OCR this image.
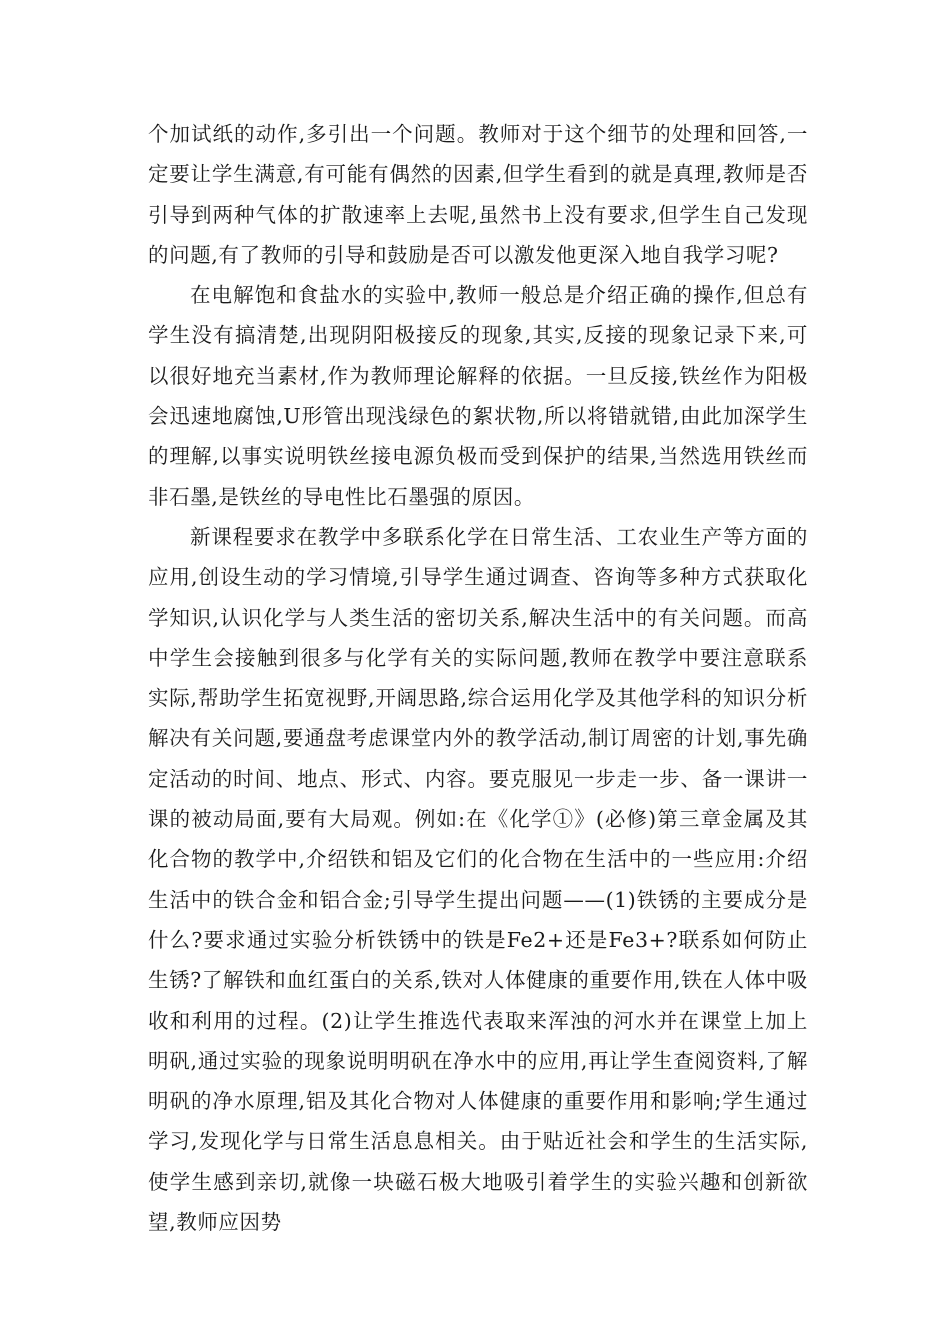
个加试纸的动作,多引出一个问题。教师对于这个细节的处理和回答,一定要让学生满意,有可能有偶然的因素,但学生看到的就是真理,教师是否引导到两种气体的扩散速率上去呢,虽然书上没有要求,但学生自己发现的问题,有了教师的引导和鼓励是否可以激发他更深入地自我学习呢?

在电解饱和食盐水的实验中,教师一般总是介绍正确的操作,但总有学生没有搞清楚,出现阴阳极接反的现象,其实,反接的现象记录下来,可以很好地充当素材,作为教师理论解释的依据。一旦反接,铁丝作为阳极会迅速地腐蚀,U形管出现浅绿色的絮状物,所以将错就错,由此加深学生的理解,以事实说明铁丝接电源负极而受到保护的结果,当然选用铁丝而非石墨,是铁丝的导电性比石墨强的原因。

新课程要求在教学中多联系化学在日常生活、工农业生产等方面的应用,创设生动的学习情境,引导学生通过调查、咨询等多种方式获取化学知识,认识化学与人类生活的密切关系,解决生活中的有关问题。而高中学生会接触到很多与化学有关的实际问题,教师在教学中要注意联系实际,帮助学生拓宽视野,开阔思路,综合运用化学及其他学科的知识分析解决有关问题,要通盘考虑课堂内外的教学活动,制订周密的计划,事先确定活动的时间、地点、形式、内容。要克服见一步走一步、备一课讲一课的被动局面,要有大局观。例如:在《化学①》(必修)第三章金属及其化合物的教学中,介绍铁和铝及它们的化合物在生活中的一些应用:介绍生活中的铁合金和铝合金;引导学生提出问题——(1)铁锈的主要成分是什么?要求通过实验分析铁锈中的铁是Fe2+还是Fe3+?联系如何防止生锈?了解铁和血红蛋白的关系,铁对人体健康的重要作用,铁在人体中吸收和利用的过程。(2)让学生推选代表取来浑浊的河水并在课堂上加上明矾,通过实验的现象说明明矾在净水中的应用,再让学生查阅资料,了解明矾的净水原理,铝及其化合物对人体健康的重要作用和影响;学生通过学习,发现化学与日常生活息息相关。由于贴近社会和学生的生活实际,使学生感到亲切,就像一块磁石极大地吸引着学生的实验兴趣和创新欲望,教师应因势
